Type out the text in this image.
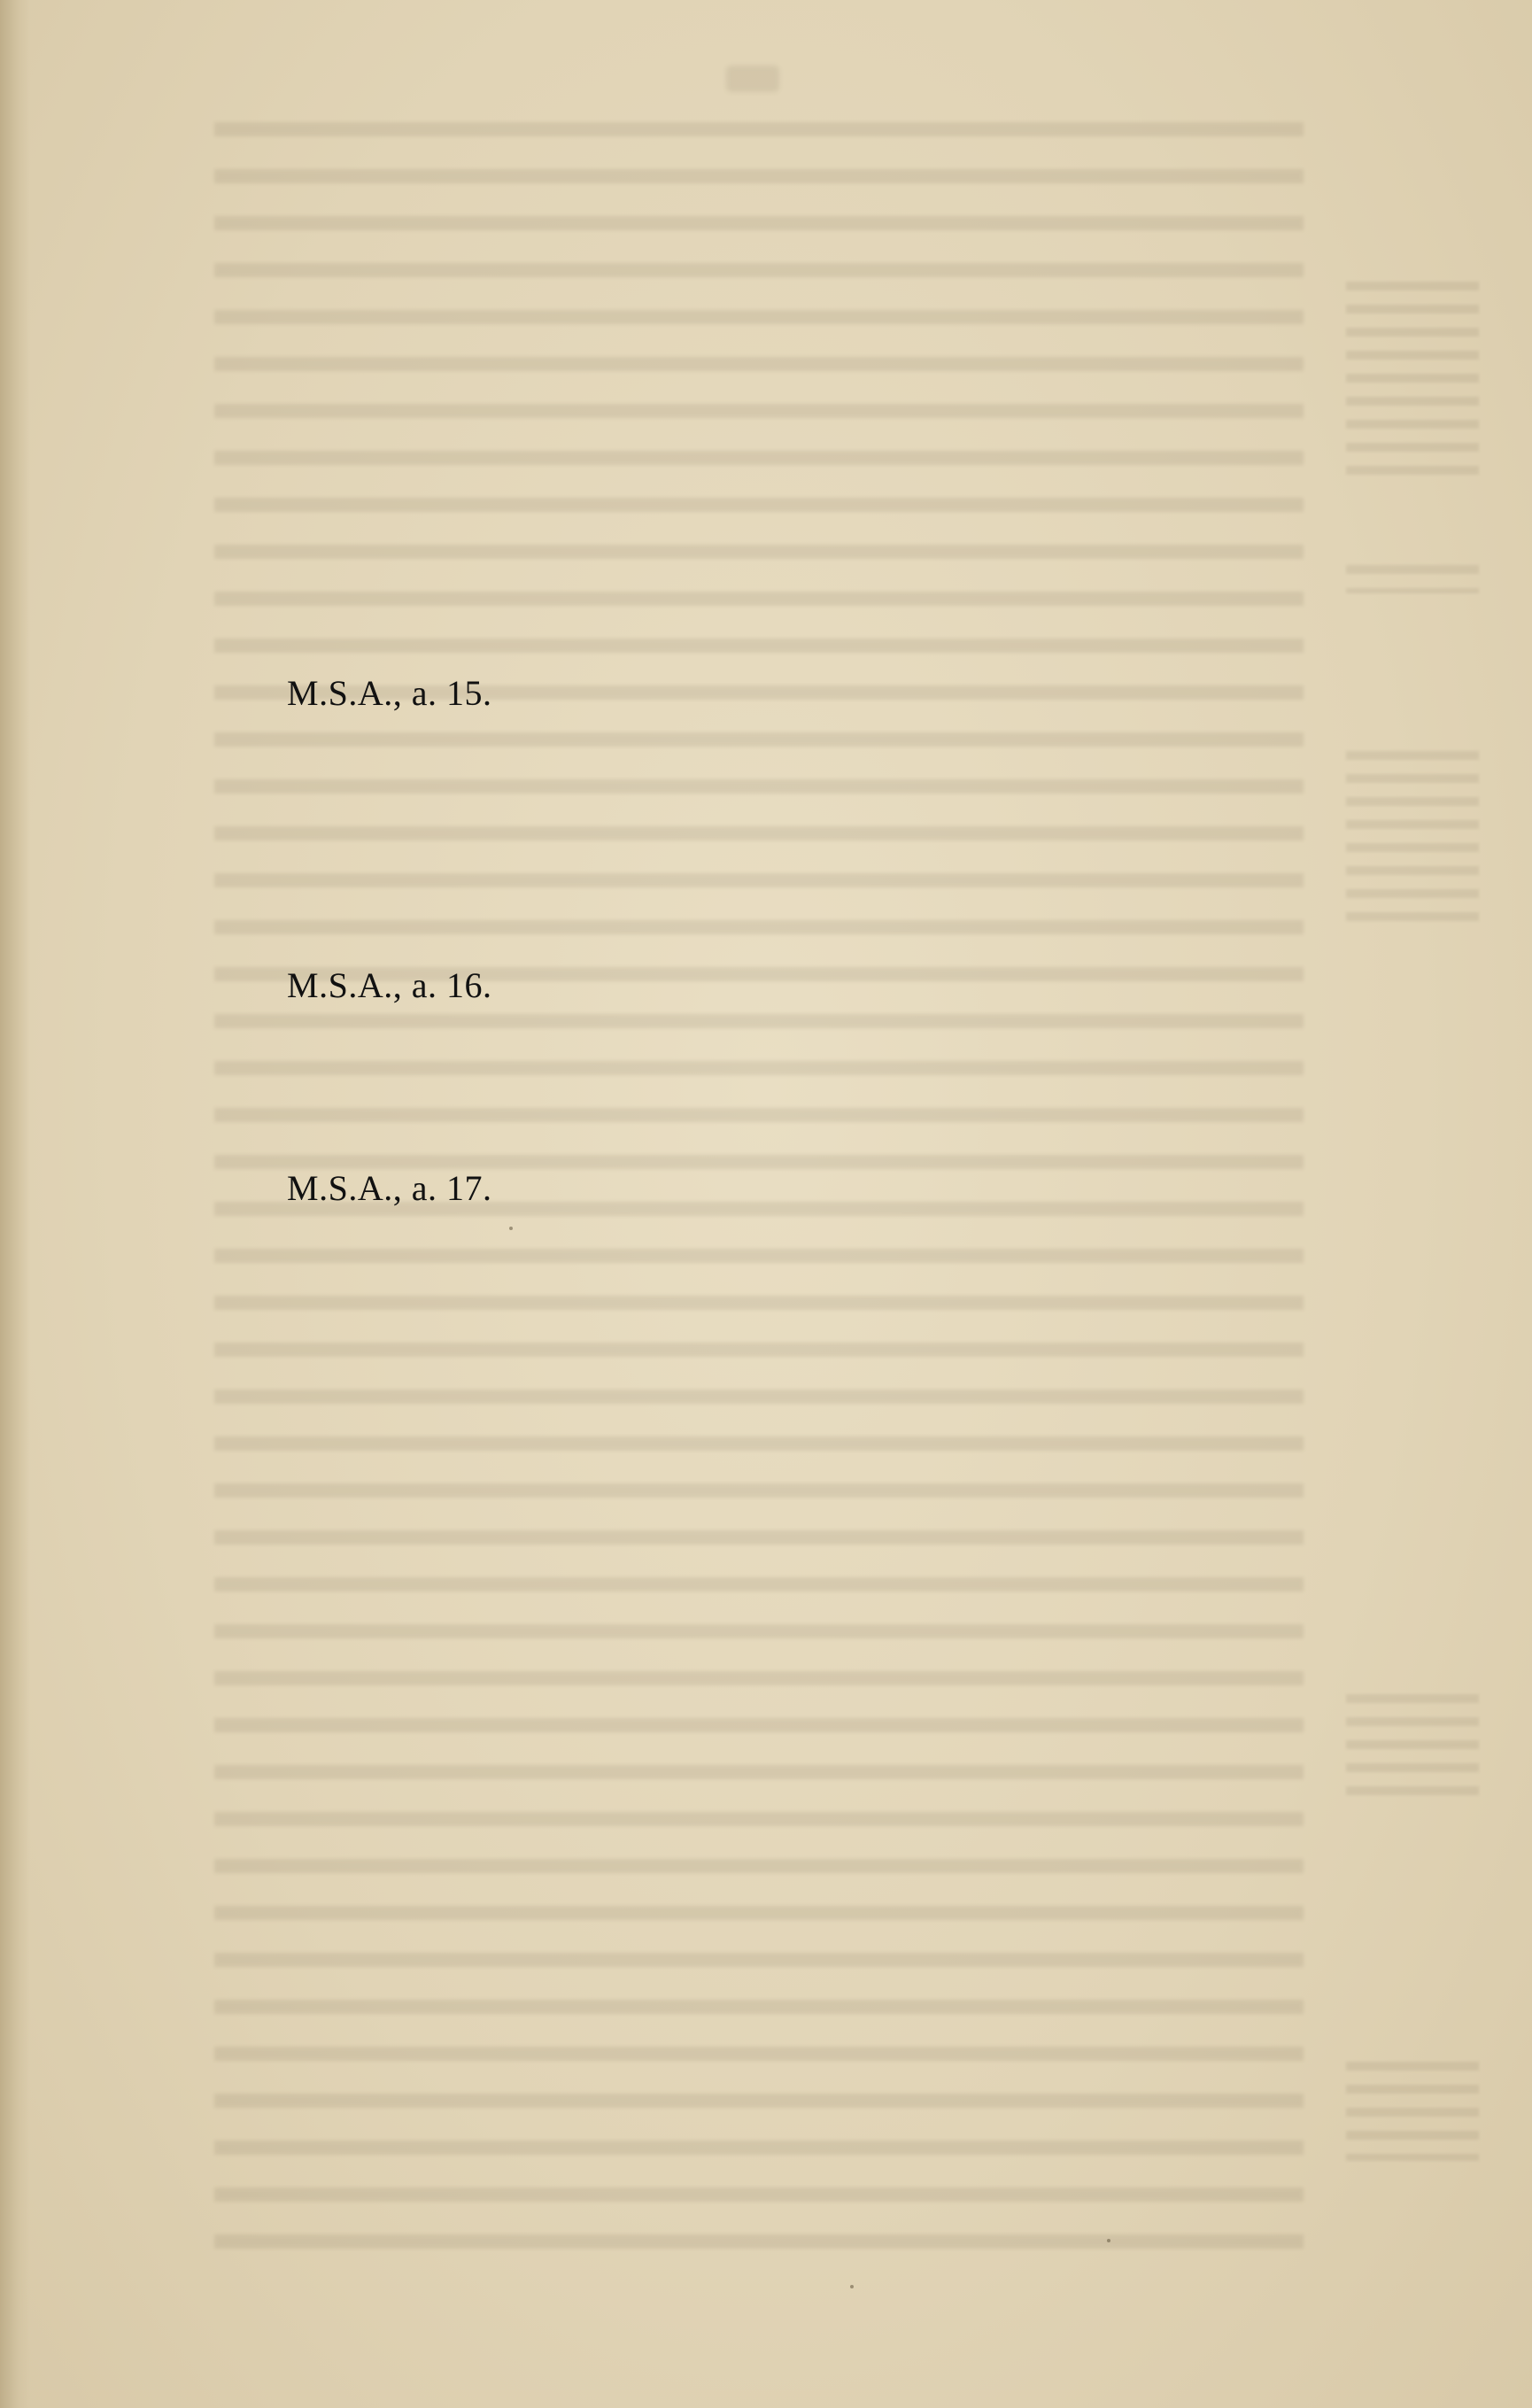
M.S.A., a. 15.
M.S.A., a. 16.
M.S.A., a. 17.
